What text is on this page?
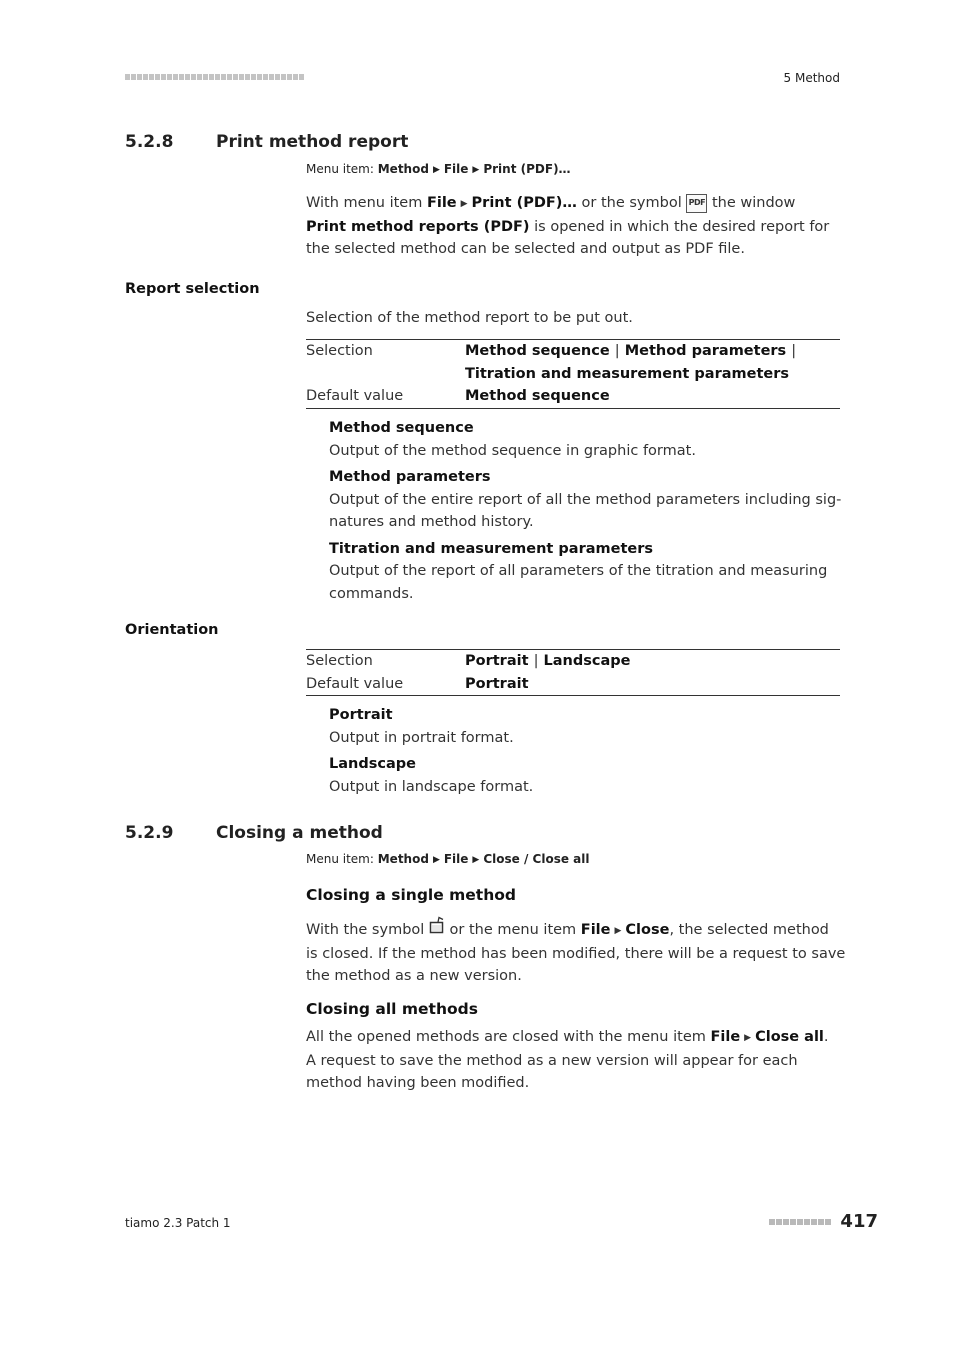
5 Method
5.2.8	Print method report
Menu item: Method ▶ File ▶ Print (PDF)…
With menu item File ▶ Print (PDF)… or the symbol PDF the window
Print method reports (PDF) is opened in which the desired report for
the selected method can be selected and output as PDF file.
Report selection
Selection of the method report to be put out.
Selection	Method sequence | Method parameters |
Titration and measurement parameters
Default value	Method sequence
Method sequence
Output of the method sequence in graphic format.
Method parameters
Output of the entire report of all the method parameters including sig-
natures and method history.
Titration and measurement parameters
Output of the report of all parameters of the titration and measuring
commands.
Orientation
Selection	Portrait | Landscape
Default value	Portrait
Portrait
Output in portrait format.
Landscape
Output in landscape format.
5.2.9	Closing a method
Menu item: Method ▶ File ▶ Close / Close all
Closing a single method
With the symbol  or the menu item File ▶ Close, the selected method
is closed. If the method has been modified, there will be a request to save
the method as a new version.
Closing all methods
All the opened methods are closed with the menu item File ▶ Close all.
A request to save the method as a new version will appear for each
method having been modified.
tiamo 2.3 Patch 1	417
